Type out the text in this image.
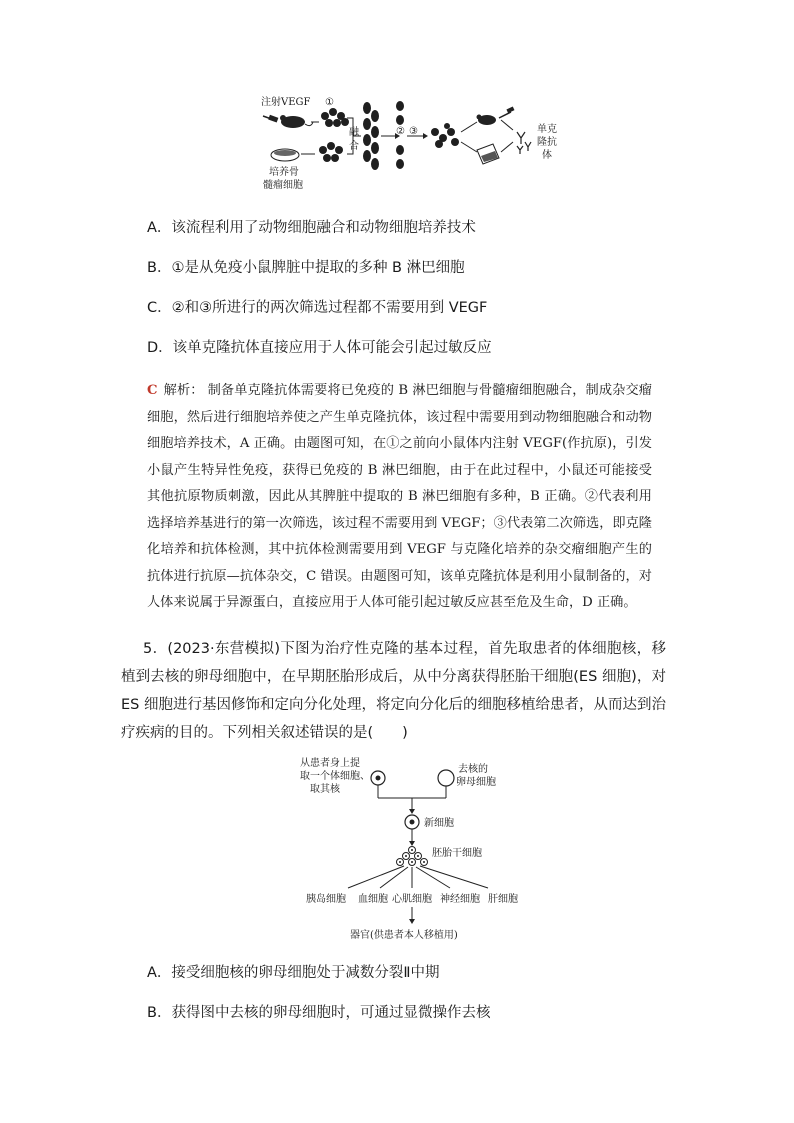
注射VEGF ①
培养骨
髓瘤细胞
融
合
② ③	单克
隆抗
体
A．该流程利用了动物细胞融合和动物细胞培养技术
B．①是从免疫小鼠脾脏中提取的多种 B 淋巴细胞
C．②和③所进行的两次筛选过程都不需要用到 VEGF
D．该单克隆抗体直接应用于人体可能会引起过敏反应
C 解析： 制备单克隆抗体需要将已免疫的 B 淋巴细胞与骨髓瘤细胞融合，制成杂交瘤细胞，然后进行细胞培养使之产生单克隆抗体，该过程中需要用到动物细胞融合和动物细胞培养技术，A 正确。由题图可知，在①之前向小鼠体内注射 VEGF(作抗原)，引发小鼠产生特异性免疫，获得已免疫的 B 淋巴细胞，由于在此过程中，小鼠还可能接受其他抗原物质刺激，因此从其脾脏中提取的 B 淋巴细胞有多种，B 正确。②代表利用选择培养基进行的第一次筛选，该过程不需要用到 VEGF；③代表第二次筛选，即克隆化培养和抗体检测，其中抗体检测需要用到 VEGF 与克隆化培养的杂交瘤细胞产生的抗体进行抗原—抗体杂交，C 错误。由题图可知，该单克隆抗体是利用小鼠制备的，对人体来说属于异源蛋白，直接应用于人体可能引起过敏反应甚至危及生命，D 正确。
5．(2023·东营模拟)下图为治疗性克隆的基本过程，首先取患者的体细胞核，移植到去核的卵母细胞中，在早期胚胎形成后，从中分离获得胚胎干细胞(ES 细胞)，对 ES 细胞进行基因修饰和定向分化处理，将定向分化后的细胞移植给患者，从而达到治疗疾病的目的。下列相关叙述错误的是(　　)
从患者身上提
取一个体细胞、
取其核
去核的
卵母细胞
新细胞
胚胎干细胞
胰岛细胞 血细胞 心肌细胞 神经细胞 肝细胞
器官(供患者本人移植用)
A．接受细胞核的卵母细胞处于减数分裂Ⅱ中期
B．获得图中去核的卵母细胞时，可通过显微操作去核
